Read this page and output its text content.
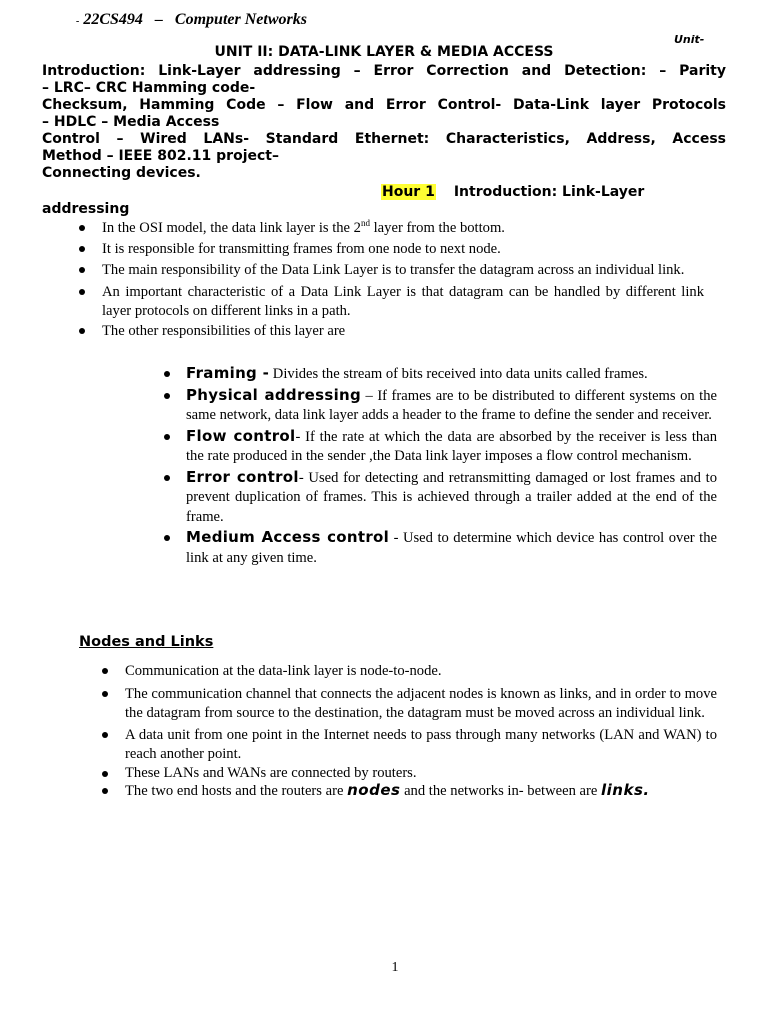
- 22CS494 – Computer Networks
Unit-
UNIT II: DATA-LINK LAYER & MEDIA ACCESS
Introduction: Link-Layer addressing – Error Correction and Detection: – Parity
– LRC– CRC Hamming code-
Checksum, Hamming Code – Flow and Error Control- Data-Link layer Protocols
– HDLC – Media Access
Control – Wired LANs- Standard Ethernet: Characteristics, Address, Access
Method – IEEE 802.11 project–
Connecting devices.
Hour 1 Introduction: Link-Layer
addressing
In the OSI model, the data link layer is the 2nd layer from the bottom.
It is responsible for transmitting frames from one node to next node.
The main responsibility of the Data Link Layer is to transfer the datagram across an individual link.
An important characteristic of a Data Link Layer is that datagram can be handled by different link layer protocols on different links in a path.
The other responsibilities of this layer are
Framing - Divides the stream of bits received into data units called frames.
Physical addressing – If frames are to be distributed to different systems on the same network, data link layer adds a header to the frame to define the sender and receiver.
Flow control- If the rate at which the data are absorbed by the receiver is less than the rate produced in the sender ,the Data link layer imposes a flow control mechanism.
Error control- Used for detecting and retransmitting damaged or lost frames and to prevent duplication of frames. This is achieved through a trailer added at the end of the frame.
Medium Access control - Used to determine which device has control over the link at any given time.
Nodes and Links
Communication at the data-link layer is node-to-node.
The communication channel that connects the adjacent nodes is known as links, and in order to move the datagram from source to the destination, the datagram must be moved across an individual link.
A data unit from one point in the Internet needs to pass through many networks (LAN and WAN) to reach another point.
These LANs and WANs are connected by routers.
The two end hosts and the routers are nodes and the networks in- between are links.
1
